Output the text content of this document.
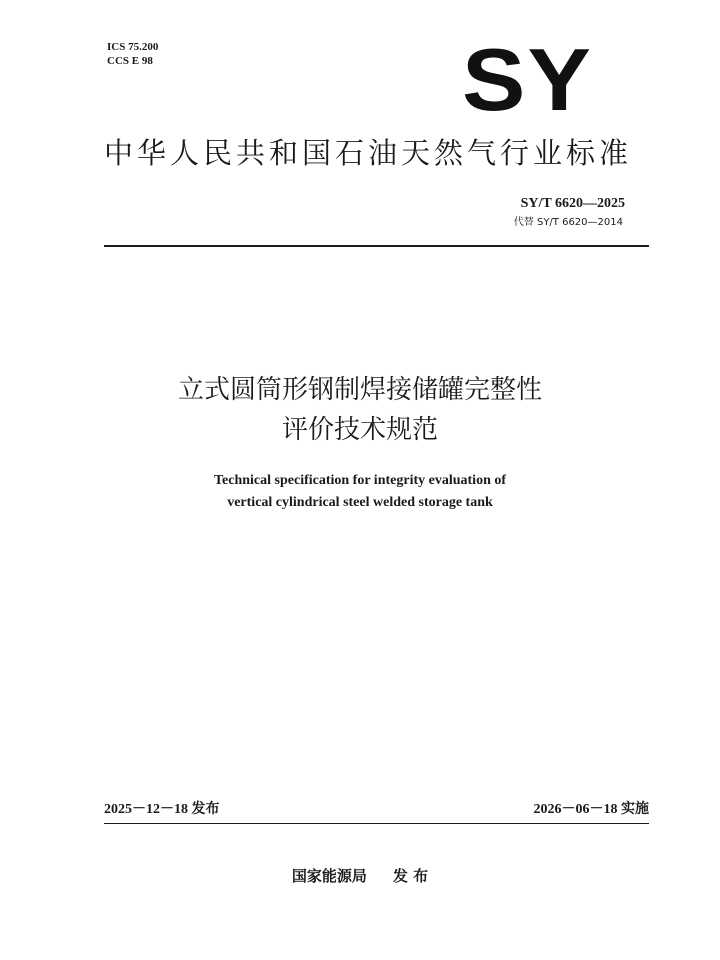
ICS 75.200
CCS E 98	SY
中华人民共和国石油天然气行业标准
SY/T 6620—2025
代替 SY/T 6620—2014
立式圆筒形钢制焊接储罐完整性
评价技术规范
Technical specification for integrity evaluation of
vertical cylindrical steel welded storage tank
2025－12－18 发布	2026－06－18 实施
国家能源局 发 布
